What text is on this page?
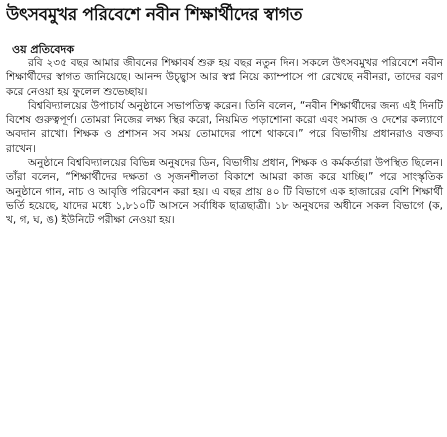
উৎসবমুখর পরিবেশে নবীন শিক্ষার্থীদের স্বাগত
ওয় প্রতিবেদক

রবি ২৩৫ বছর আমার জীবনের শিক্ষাবর্ষ শুরু হয় বছর নতুন দিন। সকলে উৎসবমুখর পরিবেশে নবীন শিক্ষার্থীদের স্বাগত জানিয়েছে। আনন্দ উচ্ছ্বাস আর স্বপ্ন নিয়ে ক্যাম্পাসে পা রেখেছে নবীনরা, তাদের বরণ করে নেওয়া হয় ফুলেল শুভেচ্ছায়।

বিশ্ববিদ্যালয়ের উপাচার্য অনুষ্ঠানে সভাপতিত্ব করেন। তিনি বলেন, “নবীন শিক্ষার্থীদের জন্য এই দিনটি বিশেষ গুরুত্বপূর্ণ। তোমরা নিজের লক্ষ্য স্থির করো, নিয়মিত পড়াশোনা করো এবং সমাজ ও দেশের কল্যাণে অবদান রাখো। শিক্ষক ও প্রশাসন সব সময় তোমাদের পাশে থাকবে।” পরে বিভাগীয় প্রধানরাও বক্তব্য রাখেন।

অনুষ্ঠানে বিশ্ববিদ্যালয়ের বিভিন্ন অনুষদের ডিন, বিভাগীয় প্রধান, শিক্ষক ও কর্মকর্তারা উপস্থিত ছিলেন। তাঁরা বলেন, “শিক্ষার্থীদের দক্ষতা ও সৃজনশীলতা বিকাশে আমরা কাজ করে যাচ্ছি।” পরে সাংস্কৃতিক অনুষ্ঠানে গান, নাচ ও আবৃত্তি পরিবেশন করা হয়। এ বছর প্রায় ৪০ টি বিভাগে এক হাজারের বেশি শিক্ষার্থী ভর্তি হয়েছে, যাদের মধ্যে ১,৮১০টি আসনে সর্বাধিক ছাত্রছাত্রী। ১৮ অনুষদের অধীনে সকল বিভাগে (ক, খ, গ, ঘ, ঙ) ইউনিটে পরীক্ষা নেওয়া হয়।
